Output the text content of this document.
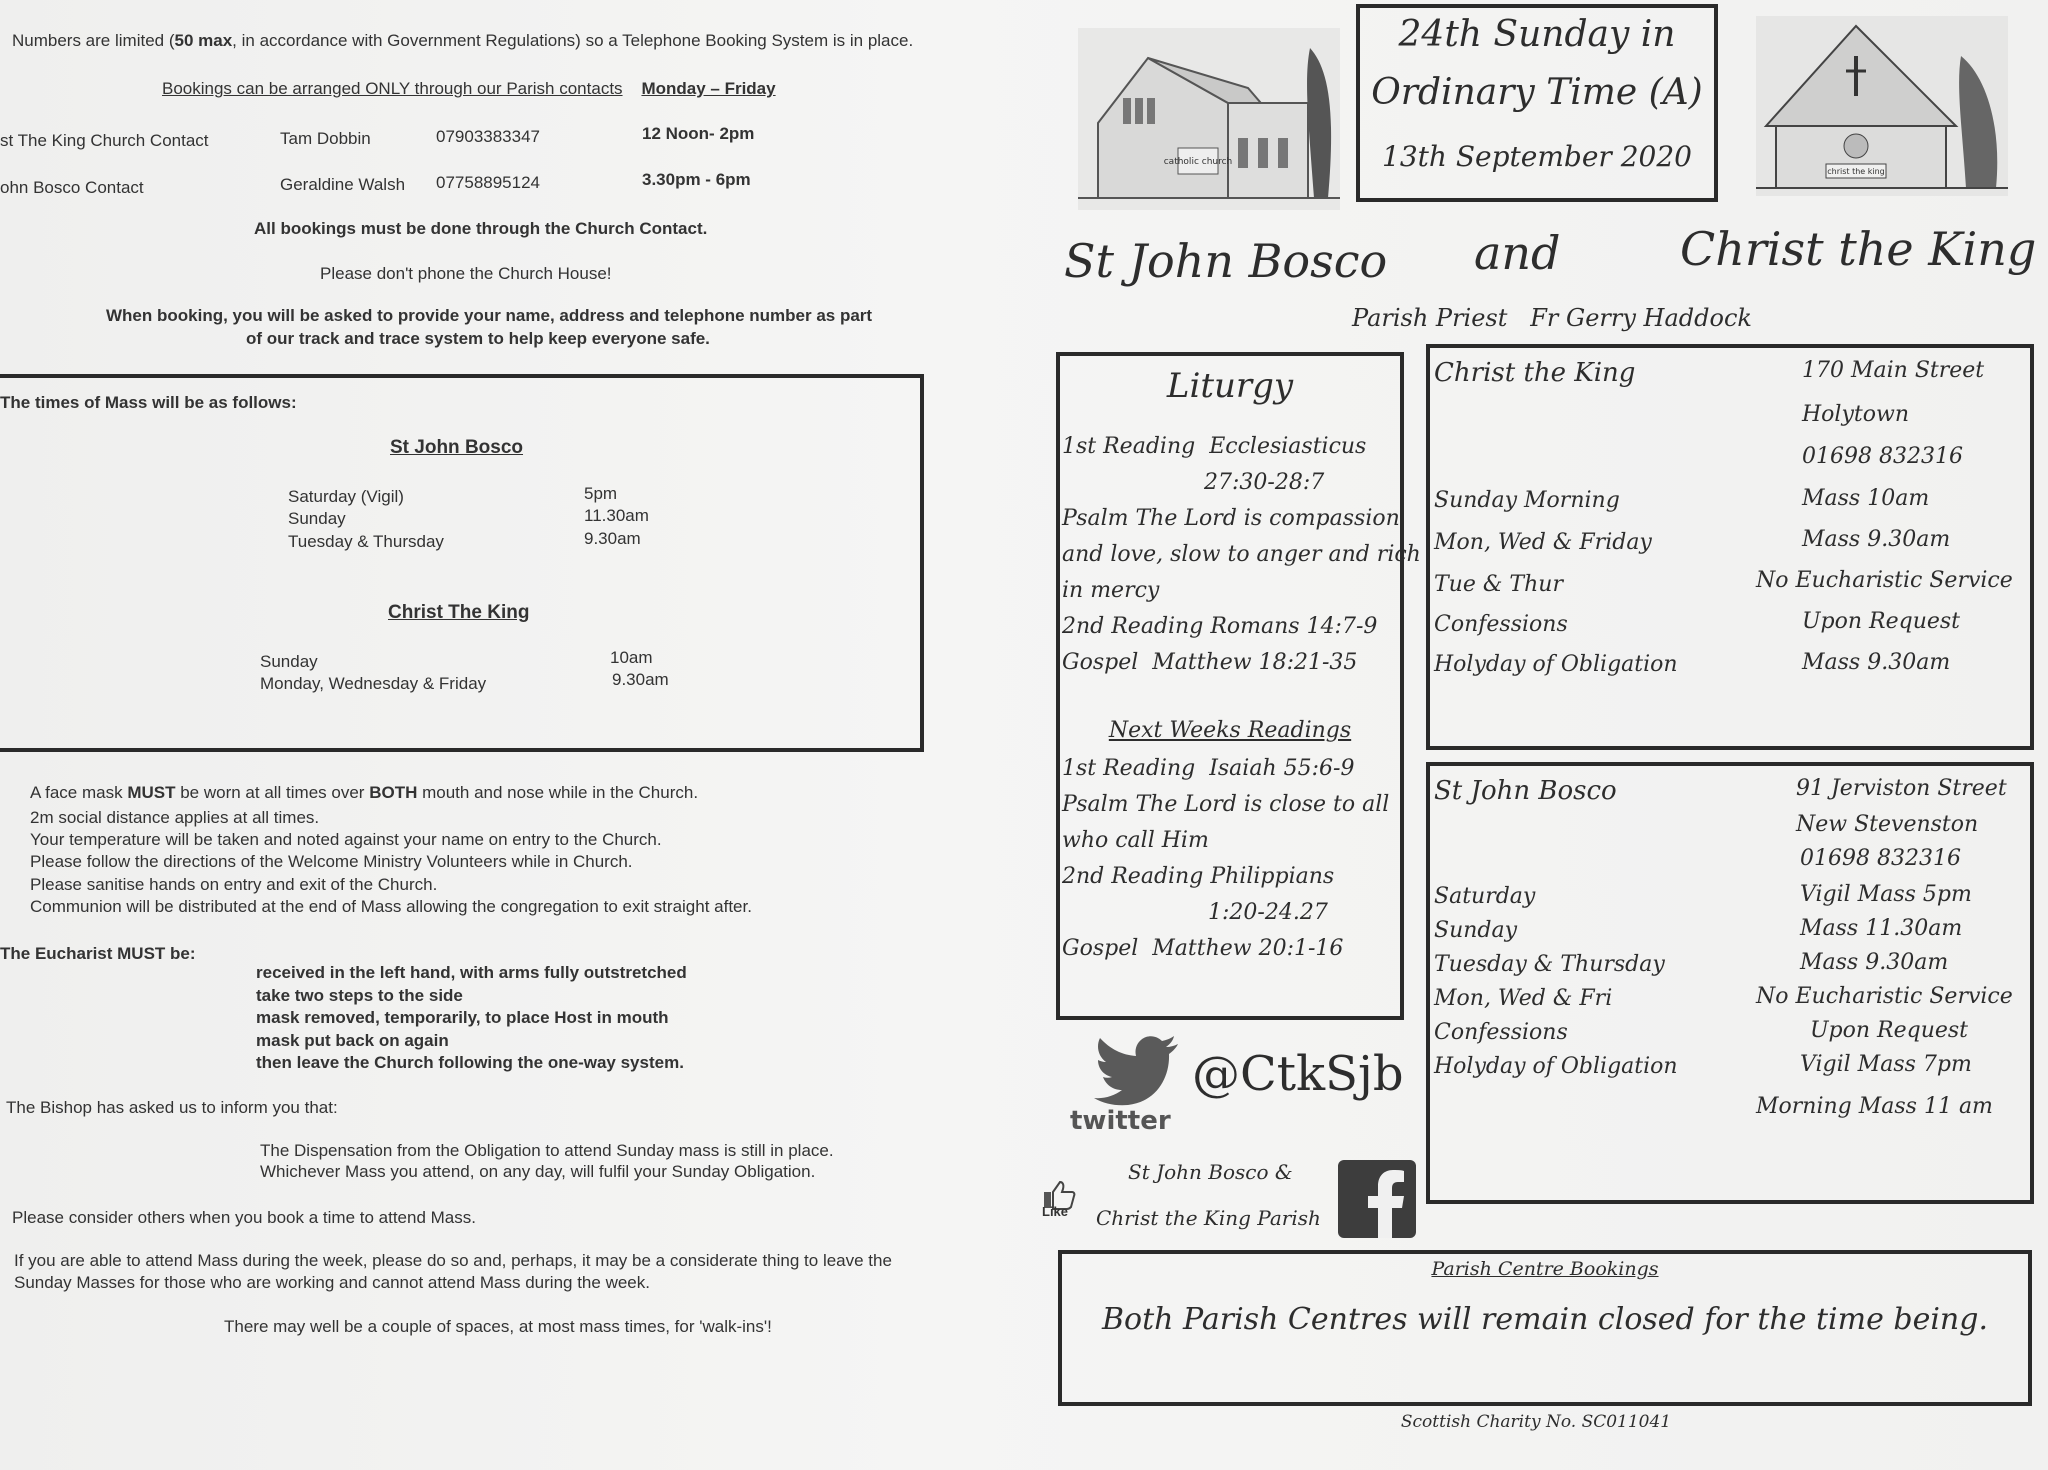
Numbers are limited (50 max, in accordance with Government Regulations) so a Telephone Booking System is in place.
Bookings can be arranged ONLY through our Parish contacts Monday – Friday
st The King Church Contact	Tam Dobbin	07903383347	12 Noon- 2pm
ohn Bosco Contact	Geraldine Walsh 07758895124	3.30pm - 6pm
All bookings must be done through the Church Contact.
Please don't phone the Church House!
When booking, you will be asked to provide your name, address and telephone number as part
of our track and trace system to help keep everyone safe.
The times of Mass will be as follows:
St John Bosco
Saturday (Vigil)	5pm
Sunday	11.30am
Tuesday & Thursday	9.30am
Christ The King
Sunday	10am
Monday, Wednesday & Friday	9.30am
A face mask MUST be worn at all times over BOTH mouth and nose while in the Church.
2m social distance applies at all times.
Your temperature will be taken and noted against your name on entry to the Church.
Please follow the directions of the Welcome Ministry Volunteers while in Church.
Please sanitise hands on entry and exit of the Church.
Communion will be distributed at the end of Mass allowing the congregation to exit straight after.
The Eucharist MUST be:
received in the left hand, with arms fully outstretched
take two steps to the side
mask removed, temporarily, to place Host in mouth
mask put back on again
then leave the Church following the one-way system.
The Bishop has asked us to inform you that:
The Dispensation from the Obligation to attend Sunday mass is still in place.
Whichever Mass you attend, on any day, will fulfil your Sunday Obligation.
Please consider others when you book a time to attend Mass.
If you are able to attend Mass during the week, please do so and, perhaps, it may be a considerate thing to leave the
Sunday Masses for those who are working and cannot attend Mass during the week.
There may well be a couple of spaces, at most mass times, for 'walk-ins'!
catholic church
24th Sunday in
Ordinary Time (A)
13th September 2020	christ the king
St John Bosco and	Christ the King
Parish Priest Fr Gerry Haddock
Liturgy
1st Reading Ecclesiasticus
27:30-28:7
Psalm The Lord is compassion
and love, slow to anger and rich
in mercy
2nd Reading Romans 14:7-9
Gospel Matthew 18:21-35
Next Weeks Readings
1st Reading Isaiah 55:6-9
Psalm The Lord is close to all
who call Him
2nd Reading Philippians
1:20-24.27
Gospel Matthew 20:1-16
Christ the King	170 Main Street
Holytown
01698 832316
Sunday Morning	Mass 10am
Mon, Wed & Friday	Mass 9.30am
Tue & Thur	No Eucharistic Service
Confessions	Upon Request
Holyday of Obligation	Mass 9.30am
St John Bosco	91 Jerviston Street
New Stevenston
01698 832316
Saturday	Vigil Mass 5pm
Sunday	Mass 11.30am
Tuesday & Thursday	Mass 9.30am
Mon, Wed & Fri	No Eucharistic Service
Confessions	Upon Request
Holyday of Obligation	Vigil Mass 7pm
Morning Mass 11 am
twitter
@CtkSjb
Like
St John Bosco &
Christ the King Parish
Parish Centre Bookings
Both Parish Centres will remain closed for the time being.
Scottish Charity No. SC011041
